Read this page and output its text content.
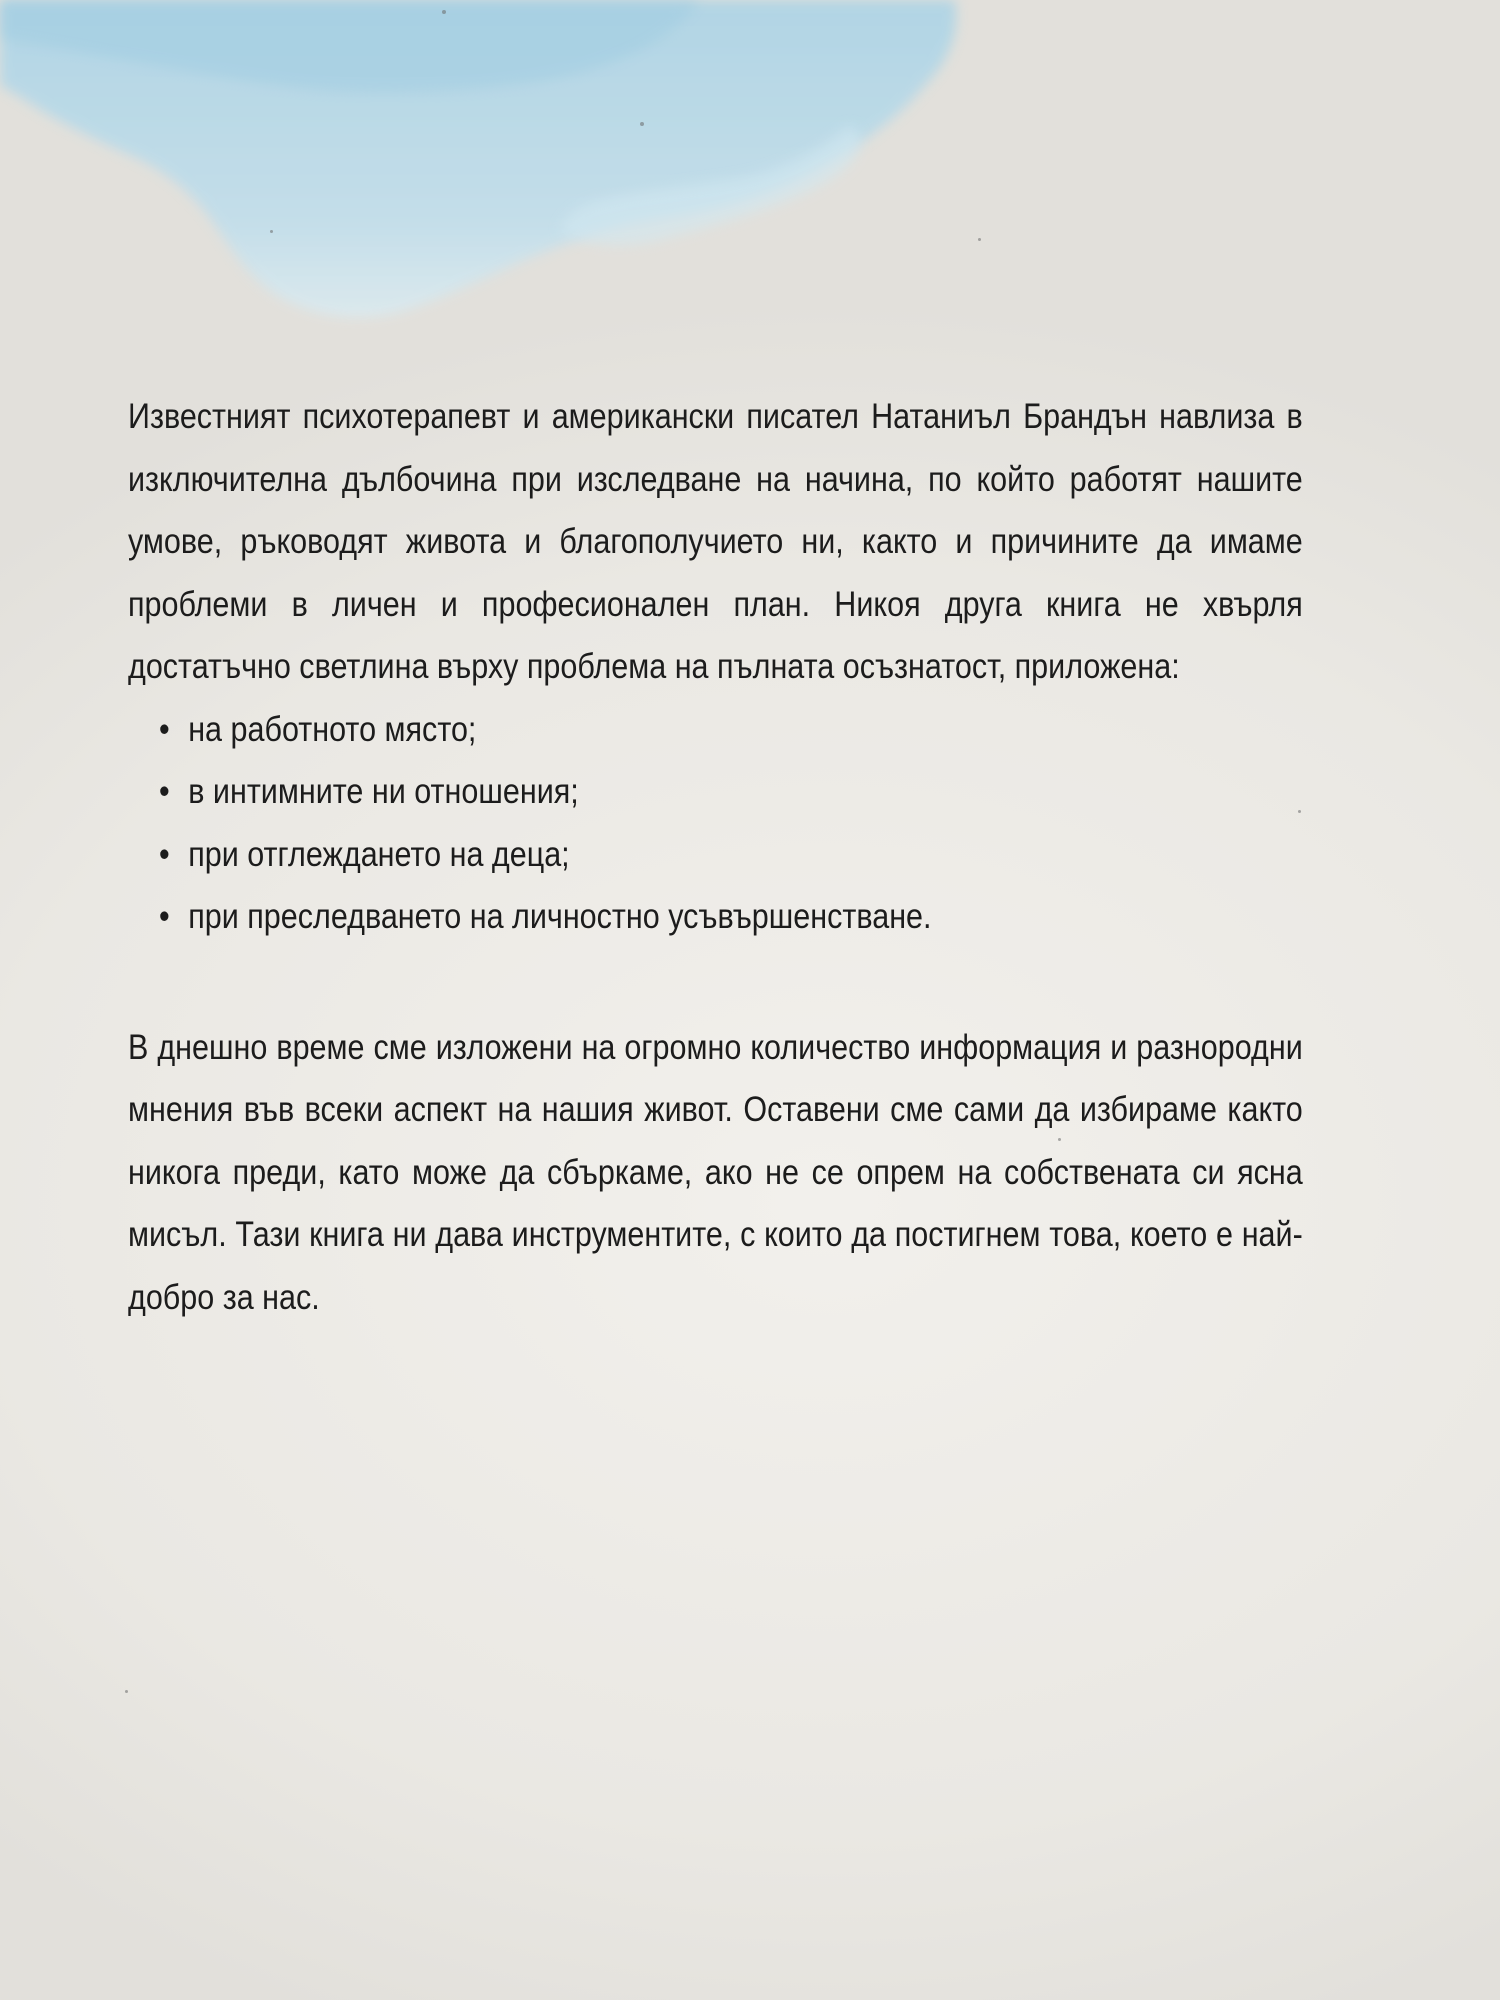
Известният психотерапевт и американски писател Натаниъл Брандън навлиза в изключителна дълбочина при изследване на начина, по който работят нашите умове, ръководят живота и благополучието ни, както и причините да имаме проблеми в личен и професионален план. Никоя друга книга не хвърля достатъчно светлина върху проблема на пълната осъзнатост, приложена:

• на работното място;
• в интимните ни отношения;
• при отглеждането на деца;
• при преследването на личностно усъвършенстване.

В днешно време сме изложени на огромно количество информация и разнородни мнения във всеки аспект на нашия живот. Оставени сме сами да избираме както никога преди, като може да сбъркаме, ако не се опрем на собствената си ясна мисъл. Тази книга ни дава инструментите, с които да постигнем това, което е най-добро за нас.
